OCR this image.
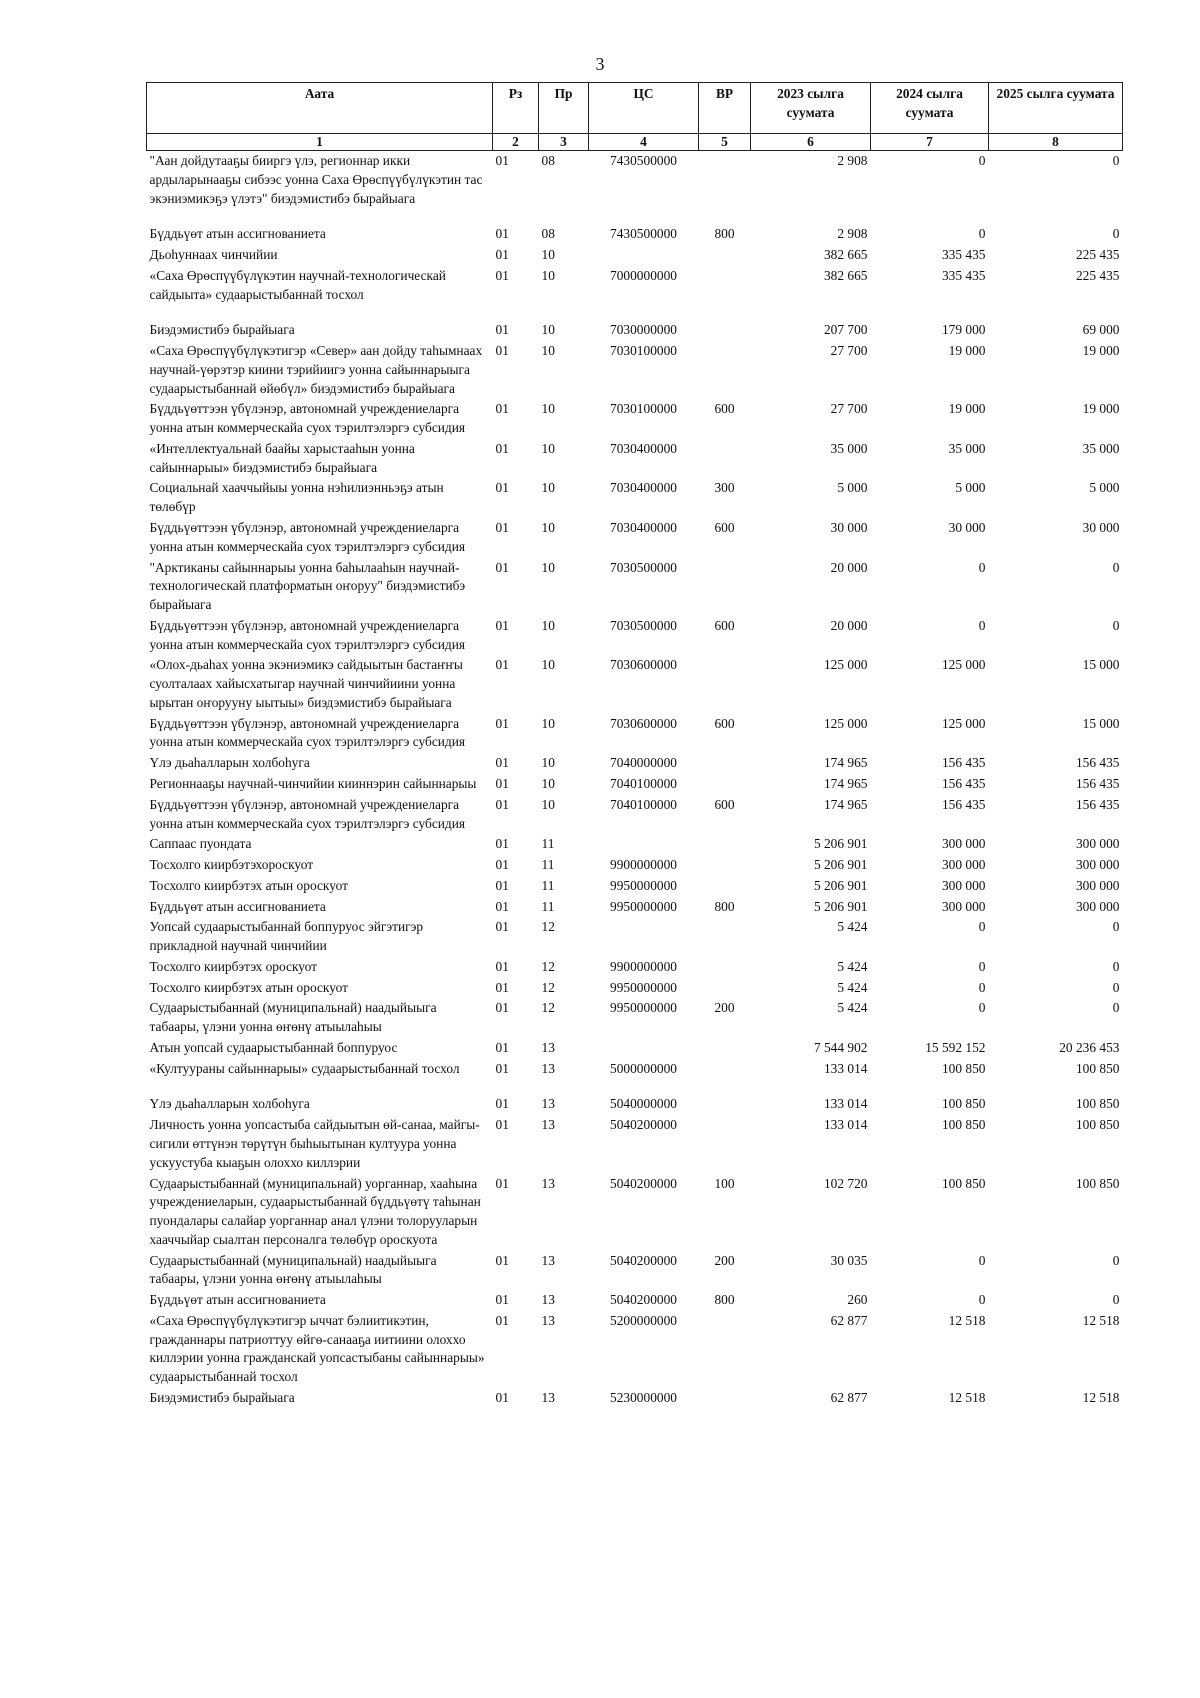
3
Аата	Рз	Пр	ЦС	ВР	2023 сылга суумата	2024 сылга суумата	2025 сылга суумата
1	2	3	4	5	6	7	8
"Аан дойдутааҕы бииргэ үлэ, регионнар икки ардыларынааҕы сибээс уонна Саха Өрөспүүбүлүкэтин тас экэниэмикэҕэ үлэтэ" биэдэмистибэ бырайыага	01	08	7430500000		2 908	0	0
Бүддьүөт атын ассигнованиета	01	08	7430500000	800	2 908	0	0
Дьоһуннаах чинчийии	01	10			382 665	335 435	225 435
«Саха Өрөспүүбүлүкэтин научнай-технологическай сайдыыта» судаарыстыбаннай тосхол	01	10	7000000000		382 665	335 435	225 435
Биэдэмистибэ бырайыага	01	10	7030000000		207 700	179 000	69 000
«Саха Өрөспүүбүлүкэтигэр «Север» аан дойду таһымнаах научнай-үөрэтэр киини тэрийиигэ уонна сайыннарыыга судаарыстыбаннай өйөбүл» биэдэмистибэ бырайыага	01	10	7030100000		27 700	19 000	19 000
Бүддьүөттээн үбүлэнэр, автономнай учреждениеларга уонна атын коммерческайа суох тэрилтэлэргэ субсидия	01	10	7030100000	600	27 700	19 000	19 000
«Интеллектуальнай баайы харыстааһын уонна сайыннарыы» биэдэмистибэ бырайыага	01	10	7030400000		35 000	35 000	35 000
Социальнай хааччыйыы уонна нэһилиэнньэҕэ атын төлөбүр	01	10	7030400000	300	5 000	5 000	5 000
Бүддьүөттээн үбүлэнэр, автономнай учреждениеларга уонна атын коммерческайа суох тэрилтэлэргэ субсидия	01	10	7030400000	600	30 000	30 000	30 000
"Арктиканы сайыннарыы уонна баһылааһын научнай-технологическай платформатын оҥоруу" биэдэмистибэ бырайыага	01	10	7030500000		20 000	0	0
Бүддьүөттээн үбүлэнэр, автономнай учреждениеларга уонна атын коммерческайа суох тэрилтэлэргэ субсидия	01	10	7030500000	600	20 000	0	0
«Олох-дьаһах уонна экэниэмикэ сайдыытын бастаҥҥы суолталаах хайысхатыгар научнай чинчийиини уонна ырытан оҥорууну ыытыы» биэдэмистибэ бырайыага	01	10	7030600000		125 000	125 000	15 000
Бүддьүөттээн үбүлэнэр, автономнай учреждениеларга уонна атын коммерческайа суох тэрилтэлэргэ субсидия	01	10	7030600000	600	125 000	125 000	15 000
Үлэ дьаһалларын холбоһуга	01	10	7040000000		174 965	156 435	156 435
Регионнааҕы научнай-чинчийии кииннэрин сайыннарыы	01	10	7040100000		174 965	156 435	156 435
Бүддьүөттээн үбүлэнэр, автономнай учреждениеларга уонна атын коммерческайа суох тэрилтэлэргэ субсидия	01	10	7040100000	600	174 965	156 435	156 435
Саппаас пуондата	01	11			5 206 901	300 000	300 000
Тосхолго киирбэтэхороскуот	01	11	9900000000		5 206 901	300 000	300 000
Тосхолго киирбэтэх атын ороскуот	01	11	9950000000		5 206 901	300 000	300 000
Бүддьүөт атын ассигнованиета	01	11	9950000000	800	5 206 901	300 000	300 000
Уопсай судаарыстыбаннай боппуруос эйгэтигэр прикладной научнай чинчийии	01	12			5 424	0	0
Тосхолго киирбэтэх ороскуот	01	12	9900000000		5 424	0	0
Тосхолго киирбэтэх атын ороскуот	01	12	9950000000		5 424	0	0
Судаарыстыбаннай (муниципальнай) наадыйыыга табаары, үлэни уонна өҥөнү атыылаһыы	01	12	9950000000	200	5 424	0	0
Атын уопсай судаарыстыбаннай боппуруос	01	13			7 544 902	15 592 152	20 236 453
«Култуураны сайыннарыы» судаарыстыбаннай тосхол	01	13	5000000000		133 014	100 850	100 850
Үлэ дьаһалларын холбоһуга	01	13	5040000000		133 014	100 850	100 850
Личность уонна уопсастыба сайдыытын өй-санаа, майгы-сигили өттүнэн төрүтүн быһыытынан култуура уонна ускуустуба кыаҕын олоххо киллэрии	01	13	5040200000		133 014	100 850	100 850
Судаарыстыбаннай (муниципальнай) уорганнар, хааһына учреждениеларын, судаарыстыбаннай бүддьүөтү таһынан пуондалары салайар уорганнар анал үлэни толорууларын хааччыйар сыалтан персоналга төлөбүр ороскуота	01	13	5040200000	100	102 720	100 850	100 850
Судаарыстыбаннай (муниципальнай) наадыйыыга табаары, үлэни уонна өҥөнү атыылаһыы	01	13	5040200000	200	30 035	0	0
Бүддьүөт атын ассигнованиета	01	13	5040200000	800	260	0	0
«Саха Өрөспүүбүлүкэтигэр ыччат бэлиитикэтин, гражданнары патриоттуу өйгө-санааҕа иитиини олоххо киллэрии уонна гражданскай уопсастыбаны сайыннарыы» судаарыстыбаннай тосхол	01	13	5200000000		62 877	12 518	12 518
Биэдэмистибэ бырайыага	01	13	5230000000		62 877	12 518	12 518
